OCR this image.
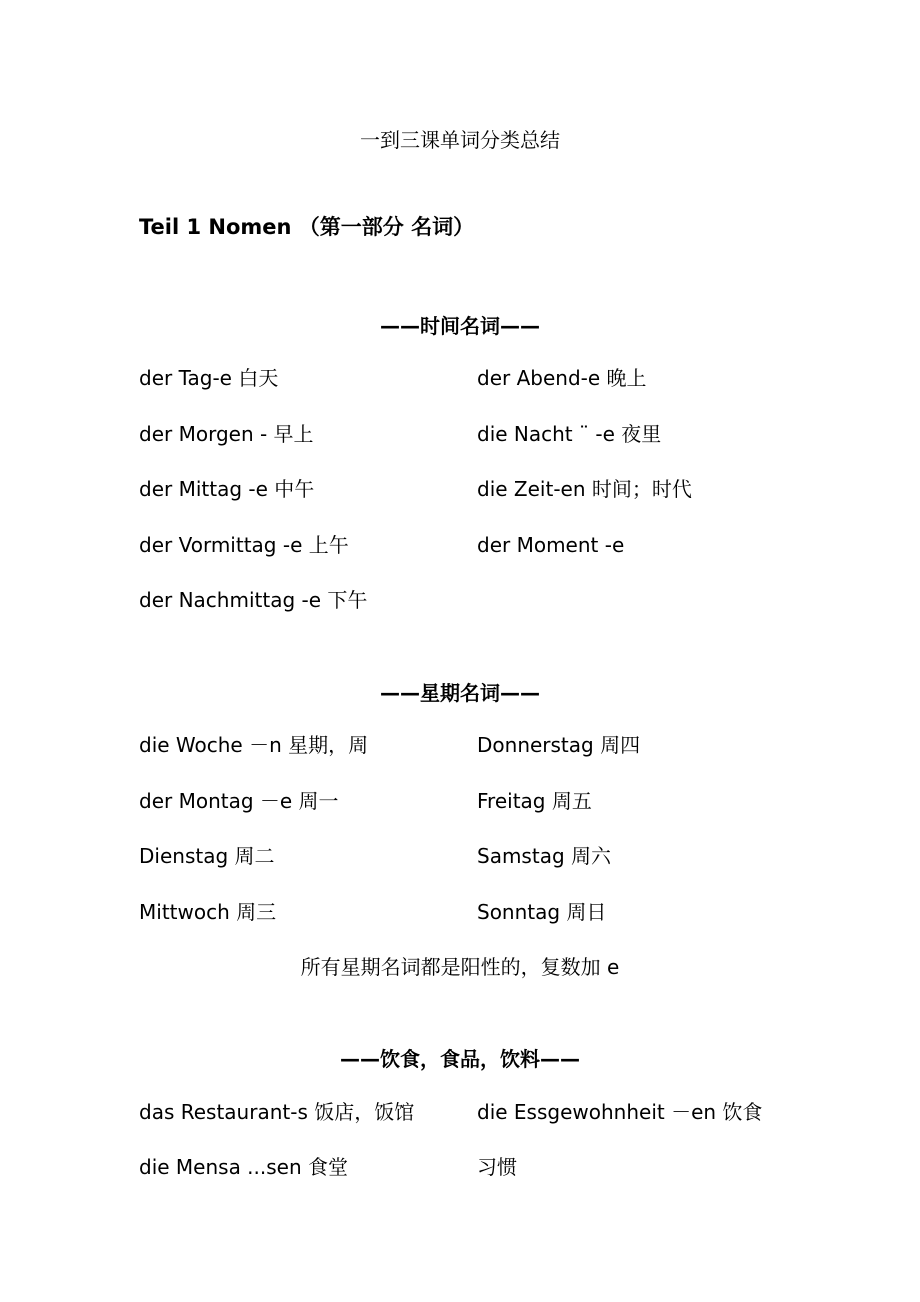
一到三课单词分类总结
Teil 1 Nomen （第一部分 名词）
——时间名词——
der Tag-e 白天
der Morgen - 早上
der Mittag -e 中午
der Vormittag -e 上午
der Nachmittag -e 下午
der Abend-e 晚上
die Nacht ¨ -e 夜里
die Zeit-en 时间；时代
der Moment -e
——星期名词——
die Woche －n 星期，周
der Montag －e 周一
Dienstag 周二
Mittwoch 周三
Donnerstag 周四
Freitag 周五
Samstag 周六
Sonntag 周日
所有星期名词都是阳性的，复数加 e
——饮食，食品，饮料——
das Restaurant-s 饭店，饭馆
die Mensa ...sen 食堂
die Essgewohnheit －en 饮食
习惯
